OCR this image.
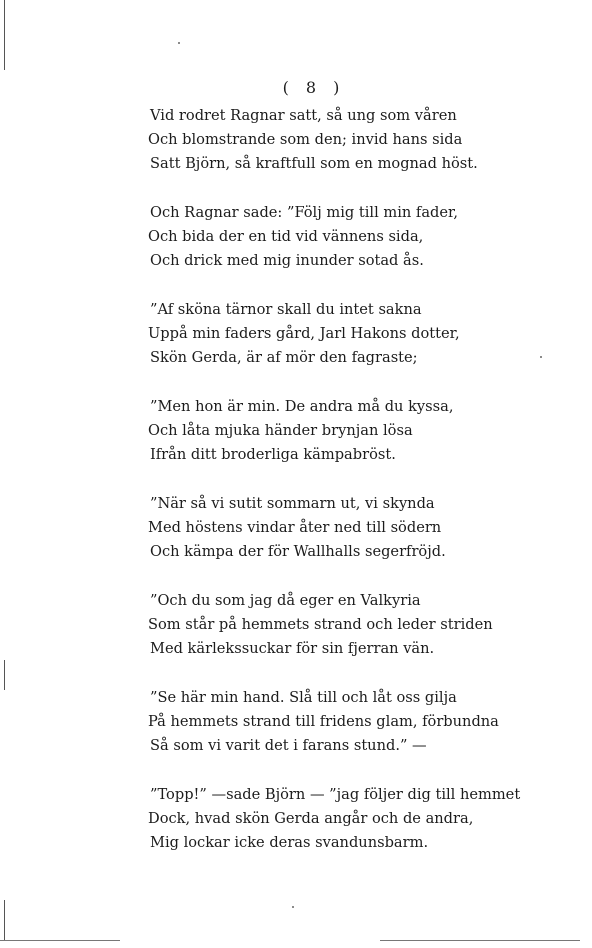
( 8 )
Vid rodret Ragnar satt, så ung som våren
Och blomstrande som den; invid hans sida
Satt Björn, så kraftfull som en mognad höst.
Och Ragnar sade: ”Följ mig till min fader,
Och bida der en tid vid vännens sida,
Och drick med mig inunder sotad ås.
”Af sköna tärnor skall du intet sakna
Uppå min faders gård, Jarl Hakons dotter,
Skön Gerda, är af mör den fagraste;
”Men hon är min. De andra må du kyssa,
Och låta mjuka händer brynjan lösa
Ifrån ditt broderliga kämpabröst.
”När så vi sutit sommarn ut, vi skynda
Med höstens vindar åter ned till södern
Och kämpa der för Wallhalls segerfröjd.
”Och du som jag då eger en Valkyria
Som står på hemmets strand och leder striden
Med kärlekssuckar för sin fjerran vän.
”Se här min hand. Slå till och låt oss gilja
På hemmets strand till fridens glam, förbundna
Så som vi varit det i farans stund.” —
”Topp!” —sade Björn — ”jag följer dig till hemmet
Dock, hvad skön Gerda angår och de andra,
Mig lockar icke deras svandunsbarm.
